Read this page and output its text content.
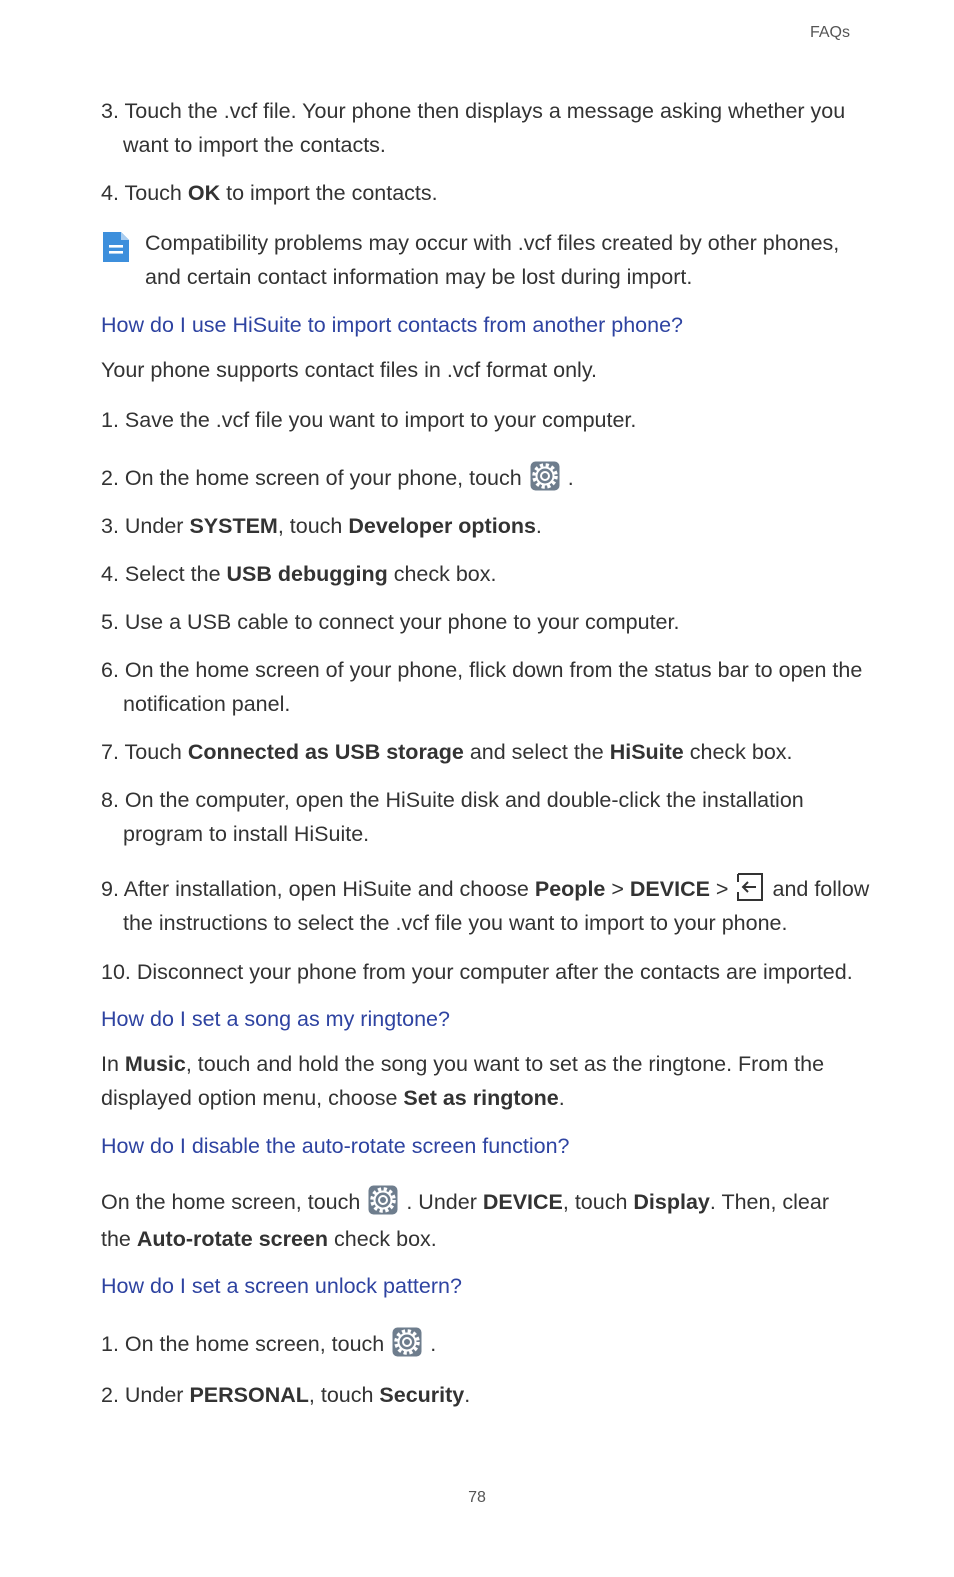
FAQs
3. Touch the .vcf file. Your phone then displays a message asking whether you want to import the contacts.
4. Touch OK to import the contacts.
Compatibility problems may occur with .vcf files created by other phones, and certain contact information may be lost during import.
How do I use HiSuite to import contacts from another phone?
Your phone supports contact files in .vcf format only.
1. Save the .vcf file you want to import to your computer.
2. On the home screen of your phone, touch .
3. Under SYSTEM, touch Developer options.
4. Select the USB debugging check box.
5. Use a USB cable to connect your phone to your computer.
6. On the home screen of your phone, flick down from the status bar to open the notification panel.
7. Touch Connected as USB storage and select the HiSuite check box.
8. On the computer, open the HiSuite disk and double-click the installation program to install HiSuite.
9. After installation, open HiSuite and choose People > DEVICE > and follow the instructions to select the .vcf file you want to import to your phone.
10. Disconnect your phone from your computer after the contacts are imported.
How do I set a song as my ringtone?
In Music, touch and hold the song you want to set as the ringtone. From the displayed option menu, choose Set as ringtone.
How do I disable the auto-rotate screen function?
On the home screen, touch . Under DEVICE, touch Display. Then, clear the Auto-rotate screen check box.
How do I set a screen unlock pattern?
1. On the home screen, touch .
2. Under PERSONAL, touch Security.
78
